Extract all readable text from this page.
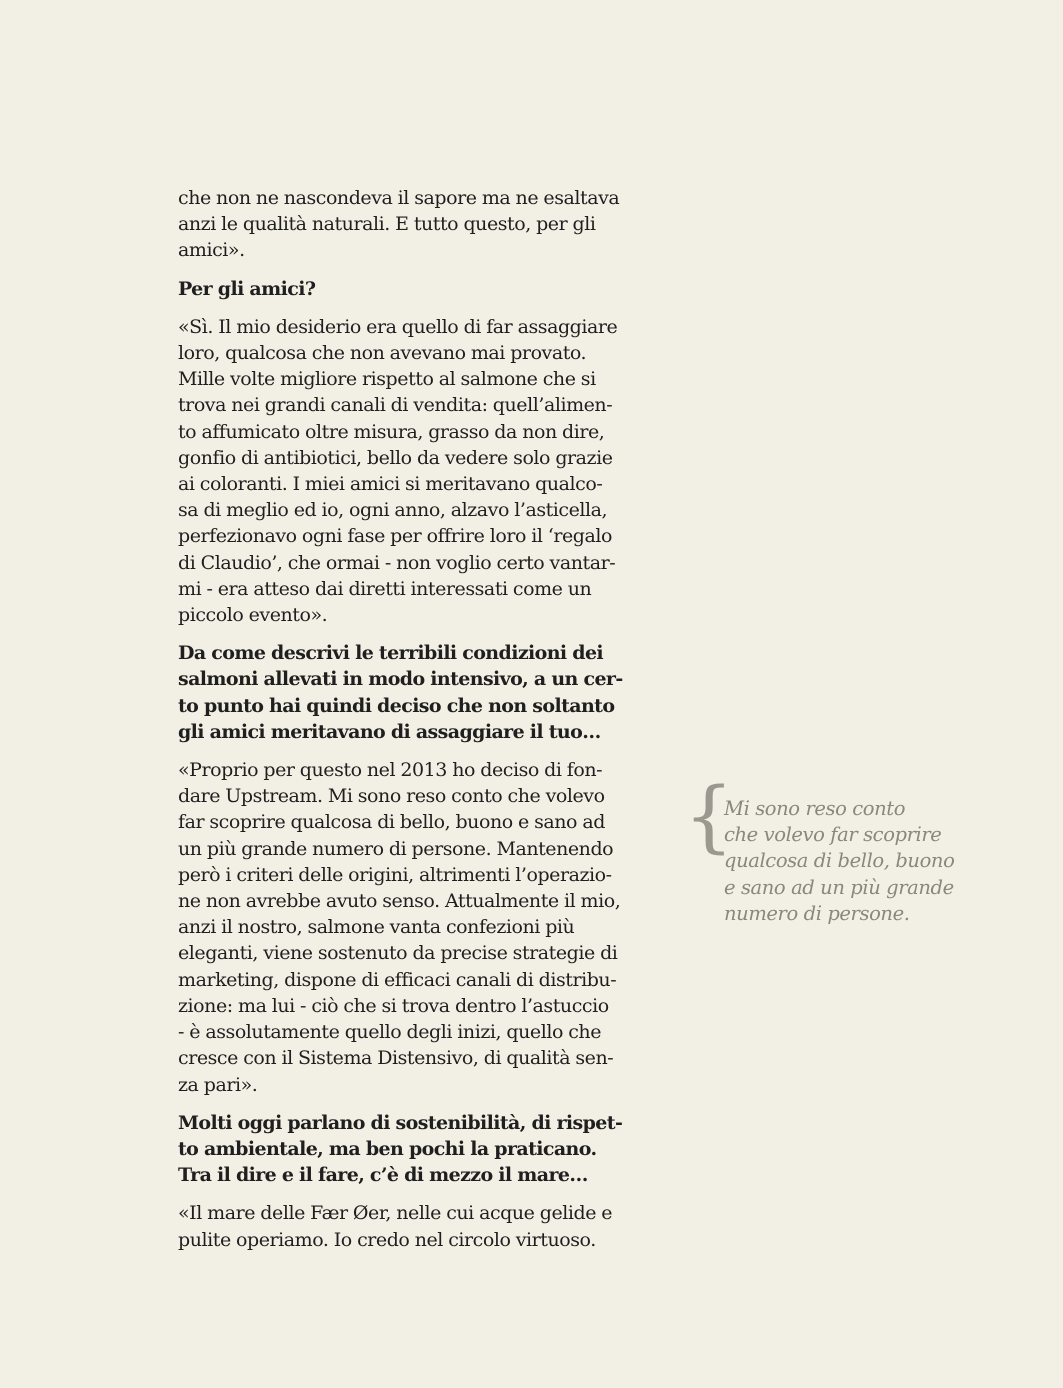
che non ne nascondeva il sapore ma ne esaltava
anzi le qualità naturali. E tutto questo, per gli
amici».

Per gli amici?

«Sì. Il mio desiderio era quello di far assaggiare
loro, qualcosa che non avevano mai provato.
Mille volte migliore rispetto al salmone che si
trova nei grandi canali di vendita: quell’alimen-
to affumicato oltre misura, grasso da non dire,
gonfio di antibiotici, bello da vedere solo grazie
ai coloranti. I miei amici si meritavano qualco-
sa di meglio ed io, ogni anno, alzavo l’asticella,
perfezionavo ogni fase per offrire loro il ‘regalo
di Claudio’, che ormai - non voglio certo vantar-
mi - era atteso dai diretti interessati come un
piccolo evento».

Da come descrivi le terribili condizioni dei
salmoni allevati in modo intensivo, a un cer-
to punto hai quindi deciso che non soltanto
gli amici meritavano di assaggiare il tuo…

«Proprio per questo nel 2013 ho deciso di fon-
dare Upstream. Mi sono reso conto che volevo
far scoprire qualcosa di bello, buono e sano ad
un più grande numero di persone. Mantenendo
però i criteri delle origini, altrimenti l’operazio-
ne non avrebbe avuto senso. Attualmente il mio,
anzi il nostro, salmone vanta confezioni più
eleganti, viene sostenuto da precise strategie di
marketing, dispone di efficaci canali di distribu-
zione: ma lui - ciò che si trova dentro l’astuccio
- è assolutamente quello degli inizi, quello che
cresce con il Sistema Distensivo, di qualità sen-
za pari».

Molti oggi parlano di sostenibilità, di rispet-
to ambientale, ma ben pochi la praticano.
Tra il dire e il fare, c’è di mezzo il mare…

«Il mare delle Fær Øer, nelle cui acque gelide e
pulite operiamo. Io credo nel circolo virtuoso.

{

Mi sono reso conto
che volevo far scoprire
qualcosa di bello, buono
e sano ad un più grande
numero di persone.
